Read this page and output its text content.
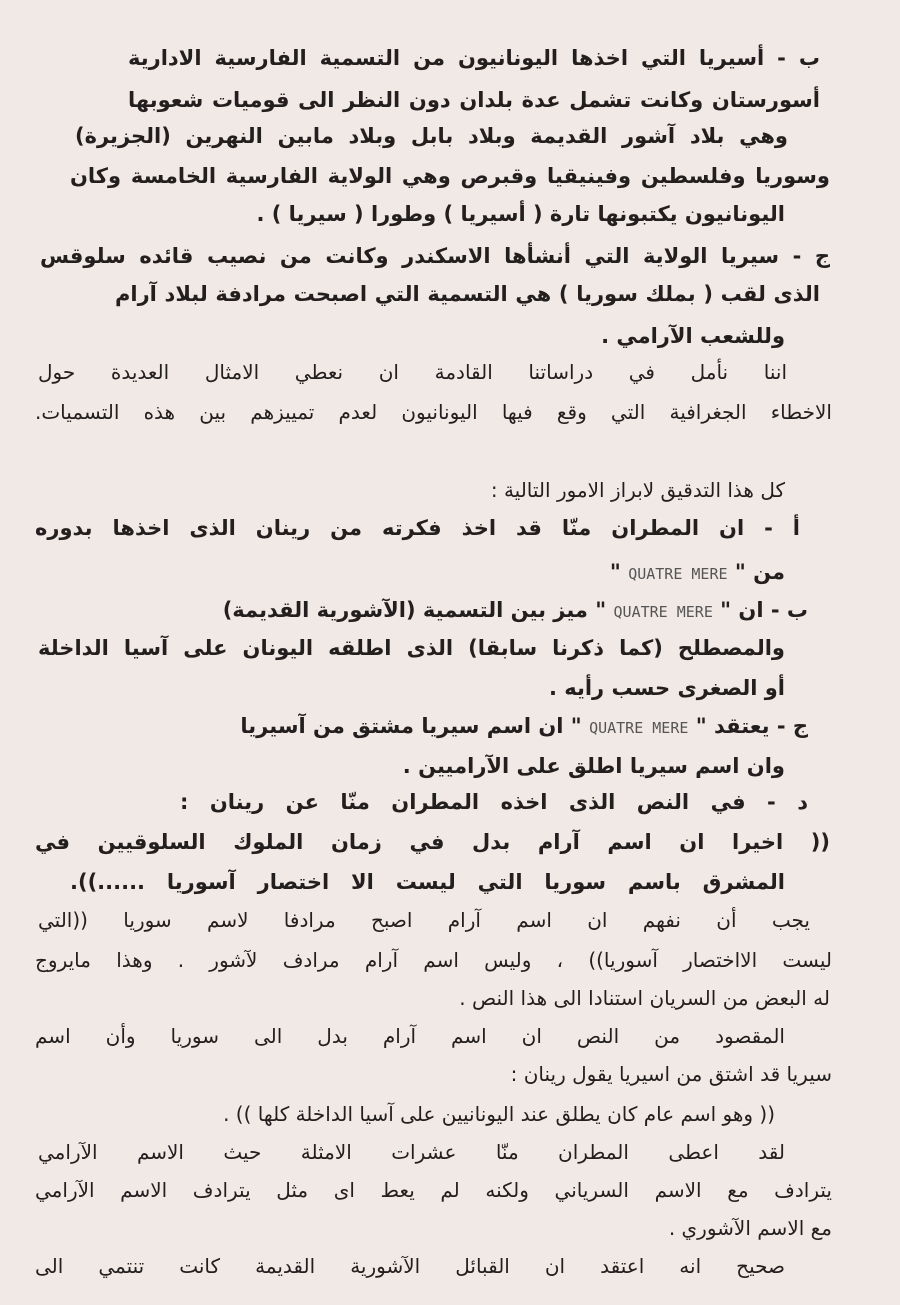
ب - أسيريا التي اخذها اليونانيون من التسمية الفارسية الادارية
أسورستان وكانت تشمل عدة بلدان دون النظر الى قوميات شعوبها
وهي بلاد آشور القديمة وبلاد بابل وبلاد مابين النهرين (الجزيرة)
وسوريا وفلسطين وفينيقيا وقبرص وهي الولاية الفارسية الخامسة وكان
اليونانيون يكتبونها تارة ( أسيريا ) وطورا ( سيريا ) .
ج - سيريا الولاية التي أنشأها الاسكندر وكانت من نصيب قائده سلوقس
الذى لقب ( بملك سوريا ) هي التسمية التي اصبحت مرادفة لبلاد آرام
وللشعب الآرامي .
اننا نأمل في دراساتنا القادمة ان نعطي الامثال العديدة حول
الاخطاء الجغرافية التي وقع فيها اليونانيون لعدم تمييزهم بين هذه التسميات.
كل هذا التدقيق لابراز الامور التالية :
أ - ان المطران منّا قد اخذ فكرته من رينان الذى اخذها بدوره
من " QUATRE MERE "
ب - ان " QUATRE MERE " ميز بين التسمية (الآشورية القديمة)
والمصطلح (كما ذكرنا سابقا) الذى اطلقه اليونان على آسيا الداخلة
أو الصغرى حسب رأيه .
ج - يعتقد " QUATRE MERE " ان اسم سيريا مشتق من آسيريا
وان اسم سيريا اطلق على الآراميين .
د - في النص الذى اخذه المطران منّا عن رينان :
(( اخيرا ان اسم آرام بدل في زمان الملوك السلوقيين في
المشرق باسم سوريا التي ليست الا اختصار آسوريا ......)).
يجب أن نفهم ان اسم آرام اصبح مرادفا لاسم سوريا ((التي
ليست الااختصار آسوريا)) ، وليس اسم آرام مرادف لآشور . وهذا مايروج
له البعض من السريان استنادا الى هذا النص .
المقصود من النص ان اسم آرام بدل الى سوريا وأن اسم
سيريا قد اشتق من اسيريا يقول رينان :
(( وهو اسم عام كان يطلق عند اليونانيين على آسيا الداخلة كلها )) .
لقد اعطى المطران منّا عشرات الامثلة حيث الاسم الآرامي
يترادف مع الاسم السرياني ولكنه لم يعط اى مثل يترادف الاسم الآرامي
مع الاسم الآشوري .
صحيح انه اعتقد ان القبائل الآشورية القديمة كانت تنتمي الى
